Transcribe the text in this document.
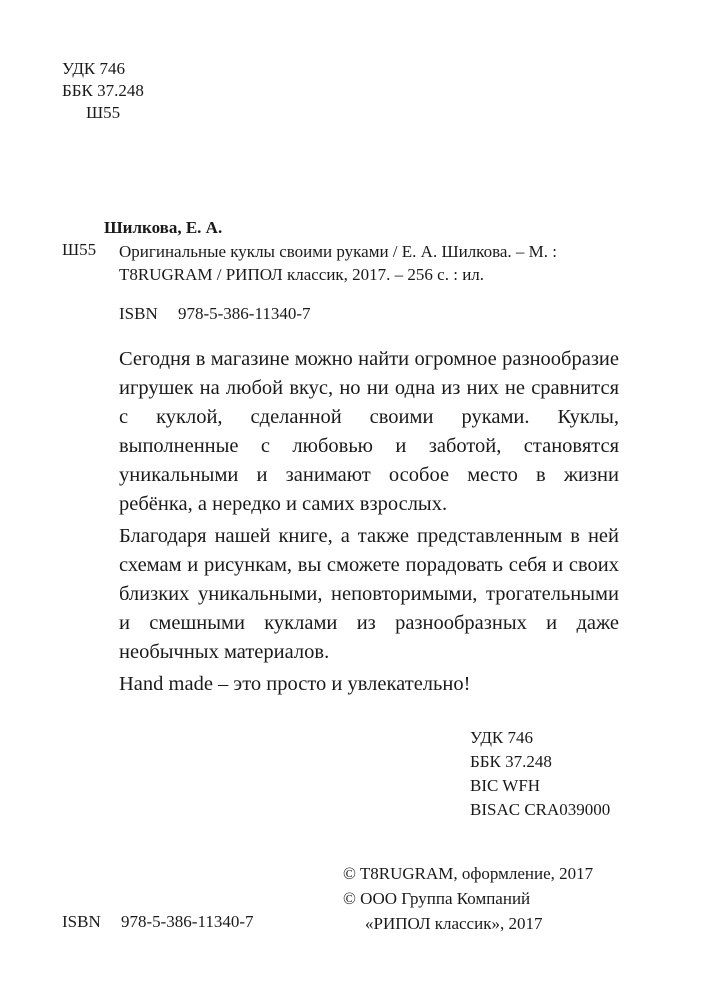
УДК 746
ББК 37.248
Ш55
Шилкова, Е. А.
Ш55 Оригинальные куклы своими руками / Е. А. Шилкова. – М. :
T8RUGRAM / РИПОЛ классик, 2017. – 256 с. : ил.
ISBN 978-5-386-11340-7

Сегодня в магазине можно найти огромное разнообразие игрушек на любой вкус, но ни одна из них не сравнится с куклой, сделанной своими руками. Куклы, выполненные с любовью и заботой, становятся уникальными и занимают особое место в жизни ребёнка, а нередко и самих взрослых.

Благодаря нашей книге, а также представленным в ней схемам и рисункам, вы сможете порадовать себя и своих близких уникальными, неповторимыми, трогательными и смешными куклами из разнообразных и даже необычных материалов.

Hand made – это просто и увлекательно!

УДК 746
ББК 37.248
BIC WFH
BISAC CRA039000
© T8RUGRAM, оформление, 2017
© ООО Группа Компаний
«РИПОЛ классик», 2017
ISBN 978-5-386-11340-7
